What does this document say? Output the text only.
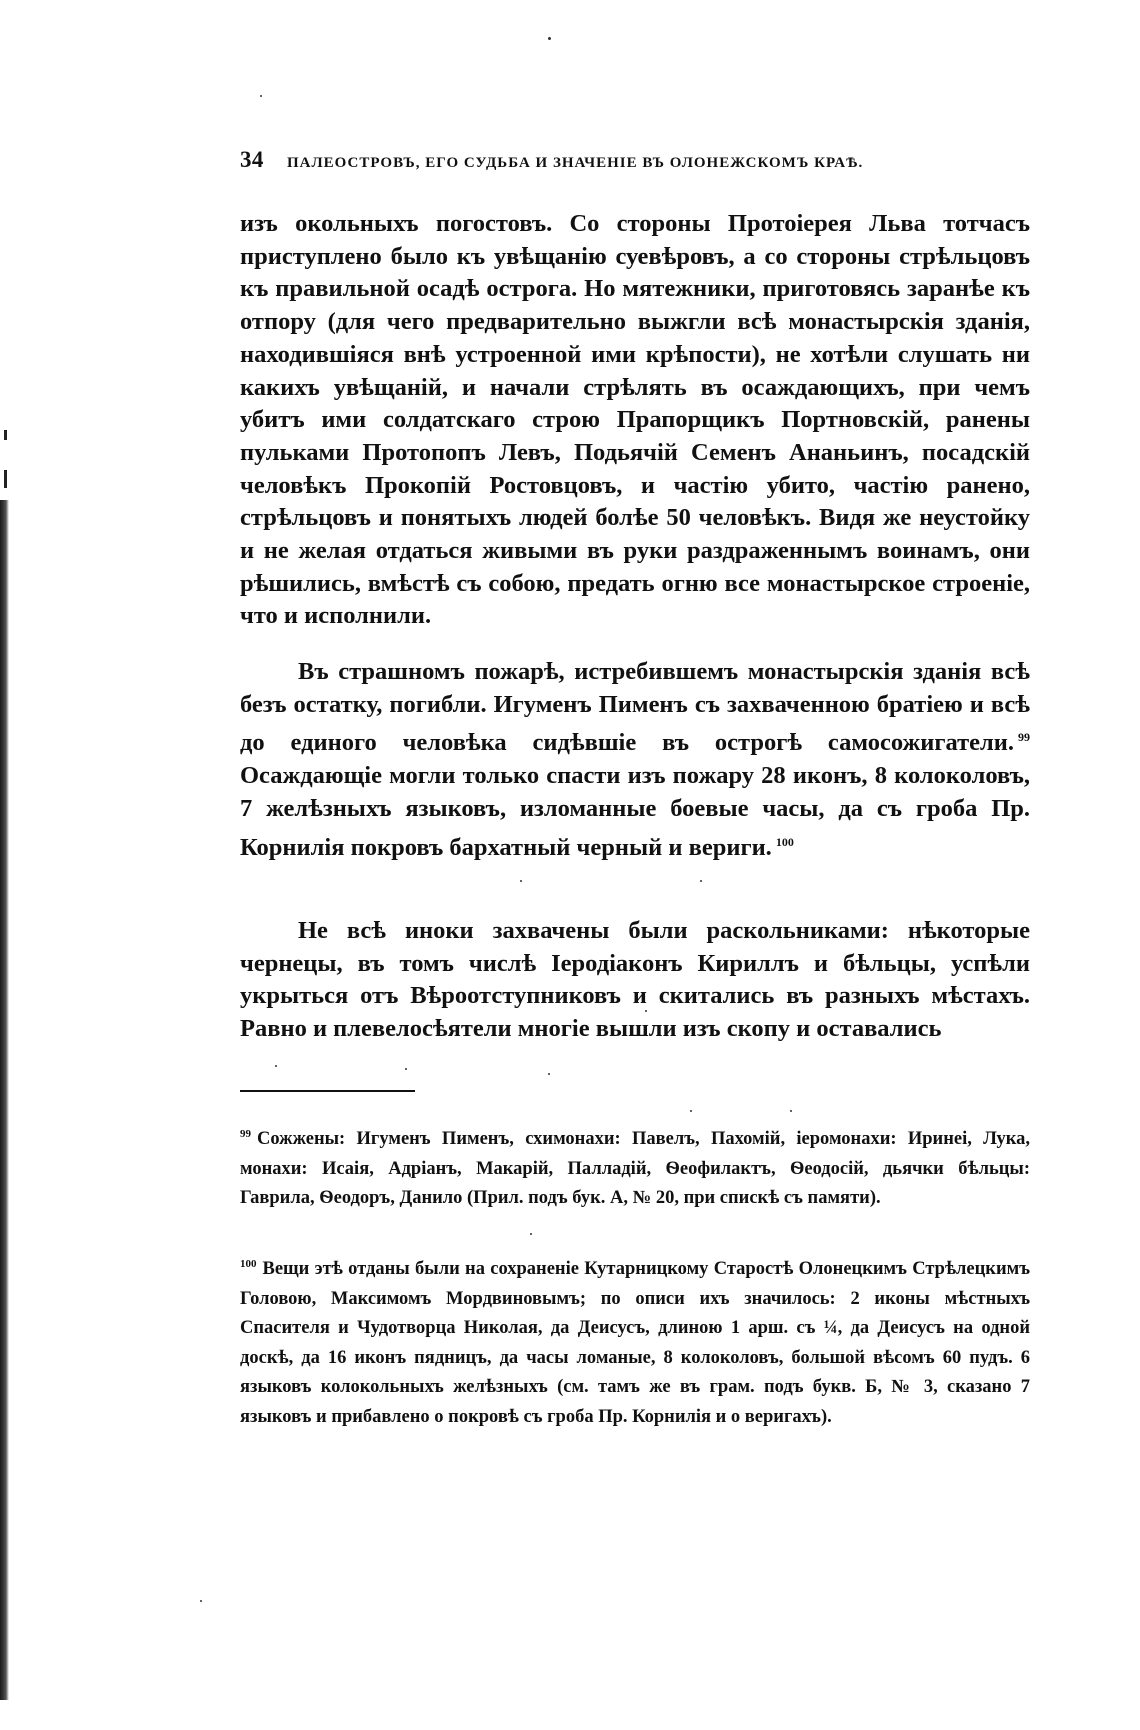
34 ПАЛЕОСТРОВЪ, ЕГО СУДЬБА И ЗНАЧЕНІЕ ВЪ ОЛОНЕЖСКОМЪ КРАѢ.

изъ окольныхъ погостовъ. Со стороны Протоіерея Льва тотчасъ приступлено было къ увѣщанію суевѣровъ, а со стороны стрѣльцовъ къ правильной осадѣ острога. Но мятежники, приготовясь заранѣе къ отпору (для чего предварительно выжгли всѣ монастырскія зданія, находившіяся внѣ устроенной ими крѣпости), не хотѣли слушать ни какихъ увѣщаній, и начали стрѣлять въ осаждающихъ, при чемъ убитъ ими солдатскаго строю Прапорщикъ Портновскій, ранены пульками Протопопъ Левъ, Подьячій Семенъ Ананьинъ, посадскій человѣкъ Прокопій Ростовцовъ, и частію убито, частію ранено, стрѣльцовъ и понятыхъ людей болѣе 50 человѣкъ. Видя же неустойку и не желая отдаться живыми въ руки раздраженнымъ воинамъ, они рѣшились, вмѣстѣ съ собою, предать огню все монастырское строеніе, что и исполнили.

Въ страшномъ пожарѣ, истребившемъ монастырскія зданія всѣ безъ остатку, погибли. Игуменъ Пименъ съ захваченною братіею и всѣ до единого человѣка сидѣвшіе въ острогѣ самосожигатели. $^{99}$ Осаждающіе могли только спасти изъ пожару 28 иконъ, 8 колоколовъ, 7 желѣзныхъ языковъ, изломанные боевые часы, да съ гроба Пр. Корнилія покровъ бархатный черный и вериги. $^{100}$

Не всѣ иноки захвачены были раскольниками: нѣкоторые чернецы, въ томъ числѣ Іеродіаконъ Кириллъ и бѣльцы, успѣли укрыться отъ Вѣроотступниковъ и скитались въ разныхъ мѣстахъ. Равно и плевелосѣятели многіе вышли изъ скопу и оставались

$^{99}$ Сожжены: Игуменъ Пименъ, схимонахи: Павелъ, Пахомій, іеромонахи: Иринеі, Лука, монахи: Исаія, Адріанъ, Макарій, Палладій, Ѳеофилактъ, Ѳеодосій, дьячки бѣльцы: Гаврила, Ѳеодоръ, Данило (Прил. подъ бук. А, № 20, при спискѣ съ памяти).

$^{100}$ Вещи этѣ отданы были на сохраненіе Кутарницкому Старостѣ Олонецкимъ Стрѣлецкимъ Головою, Максимомъ Мордвиновымъ; по описи ихъ значилось: 2 иконы мѣстныхъ Спасителя и Чудотворца Николая, да Деисусъ, длиною 1 арш. съ ¼, да Деисусъ на одной доскѣ, да 16 иконъ пядницъ, да часы ломаные, 8 колоколовъ, большой вѣсомъ 60 пудъ. 6 языковъ колокольныхъ желѣзныхъ (см. тамъ же въ грам. подъ букв. Б, № 3, сказано 7 языковъ и прибавлено о покровѣ съ гроба Пр. Корнилія и о веригахъ).
